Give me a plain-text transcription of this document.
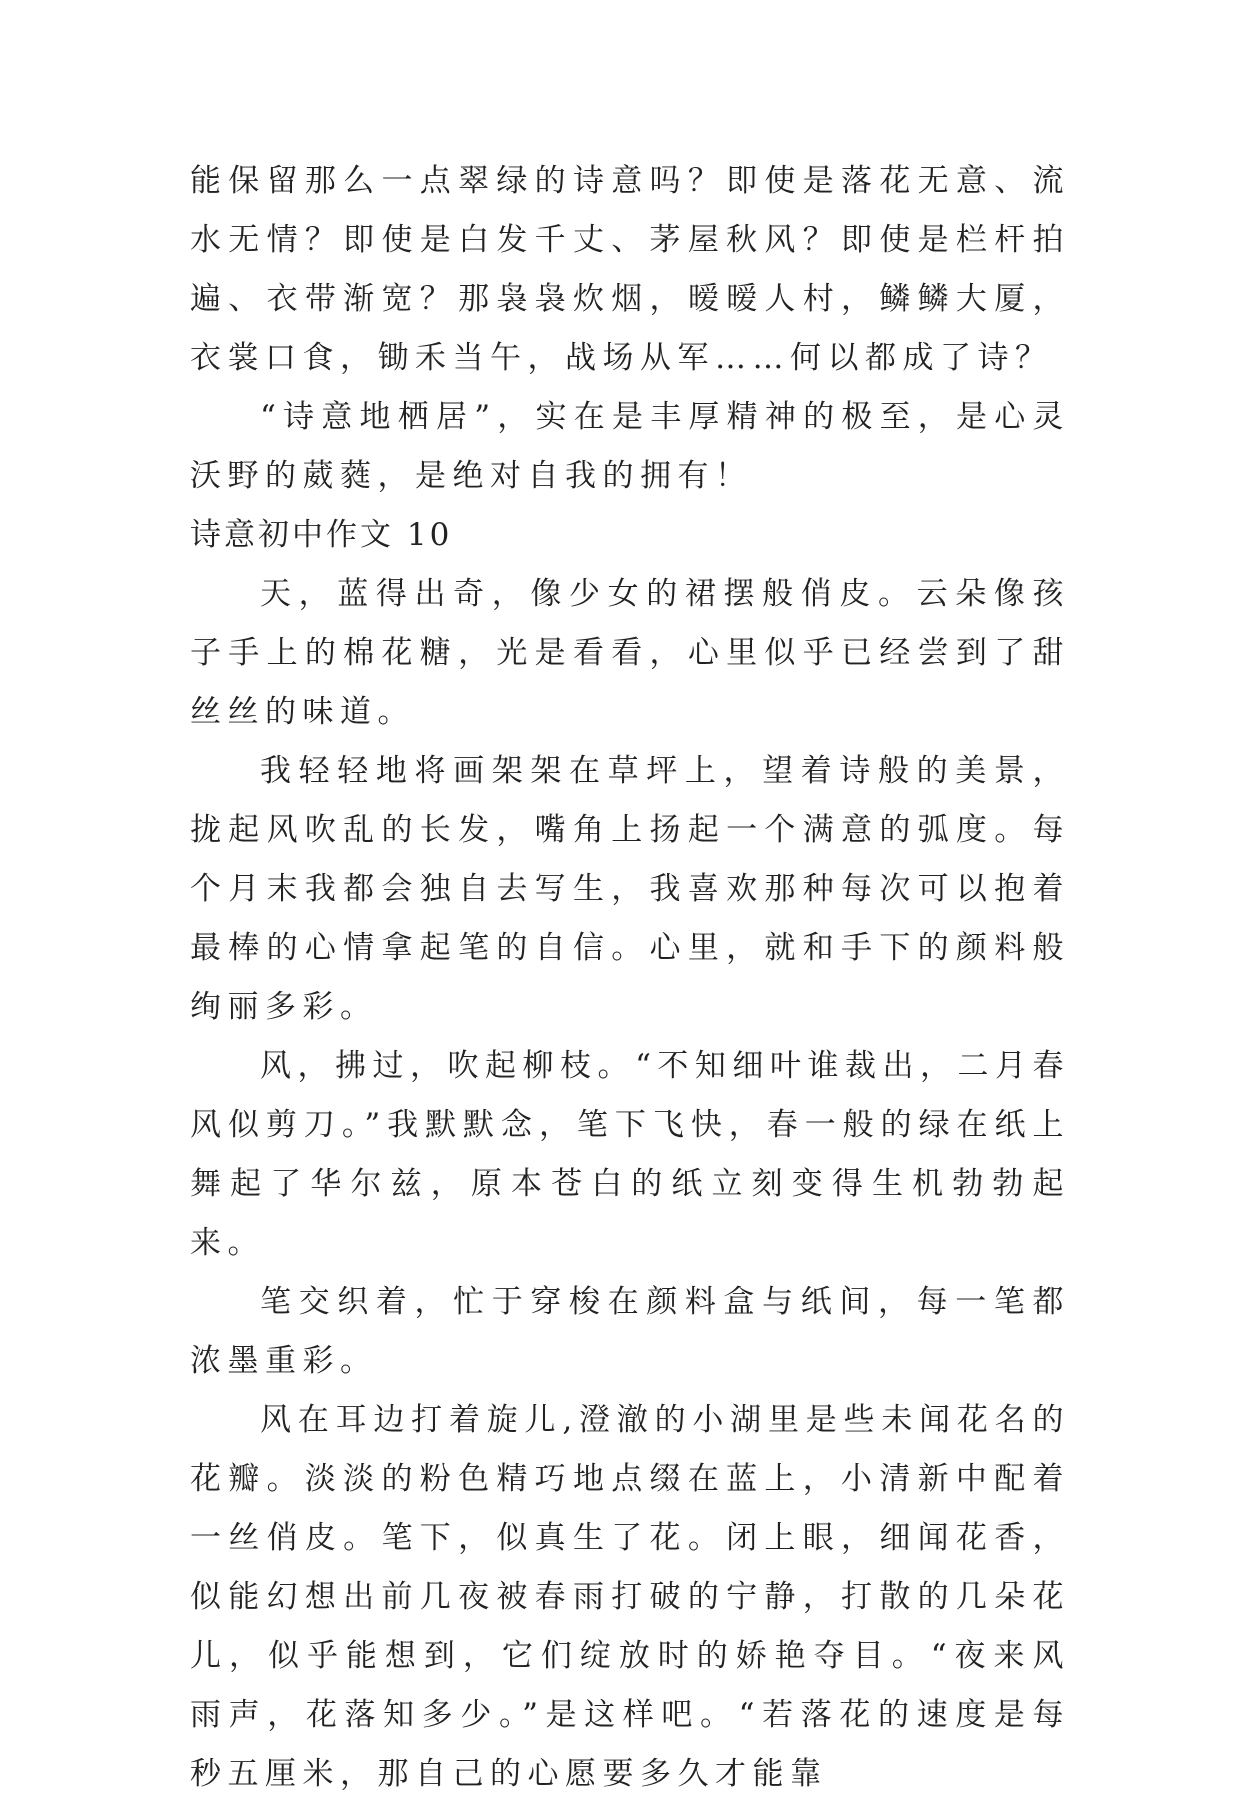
能保留那么一点翠绿的诗意吗？即使是落花无意、流水无情？即使是白发千丈、茅屋秋风？即使是栏杆拍遍、衣带渐宽？那袅袅炊烟，暧暧人村，鳞鳞大厦，衣裳口食，锄禾当午，战场从军……何以都成了诗？

“诗意地栖居”，实在是丰厚精神的极至，是心灵沃野的葳蕤，是绝对自我的拥有！

诗意初中作文 10

天，蓝得出奇，像少女的裙摆般俏皮。云朵像孩子手上的棉花糖，光是看看，心里似乎已经尝到了甜丝丝的味道。

我轻轻地将画架架在草坪上，望着诗般的美景，拢起风吹乱的长发，嘴角上扬起一个满意的弧度。每个月末我都会独自去写生，我喜欢那种每次可以抱着最棒的心情拿起笔的自信。心里，就和手下的颜料般绚丽多彩。

风，拂过，吹起柳枝。“不知细叶谁裁出，二月春风似剪刀。”我默默念，笔下飞快，春一般的绿在纸上舞起了华尔兹，原本苍白的纸立刻变得生机勃勃起来。

笔交织着，忙于穿梭在颜料盒与纸间，每一笔都浓墨重彩。

风在耳边打着旋儿,澄澈的小湖里是些未闻花名的花瓣。淡淡的粉色精巧地点缀在蓝上，小清新中配着一丝俏皮。笔下，似真生了花。闭上眼，细闻花香，似能幻想出前几夜被春雨打破的宁静，打散的几朵花儿，似乎能想到，它们绽放时的娇艳夺目。“夜来风雨声，花落知多少。”是这样吧。“若落花的速度是每秒五厘米，那自己的心愿要多久才能靠
